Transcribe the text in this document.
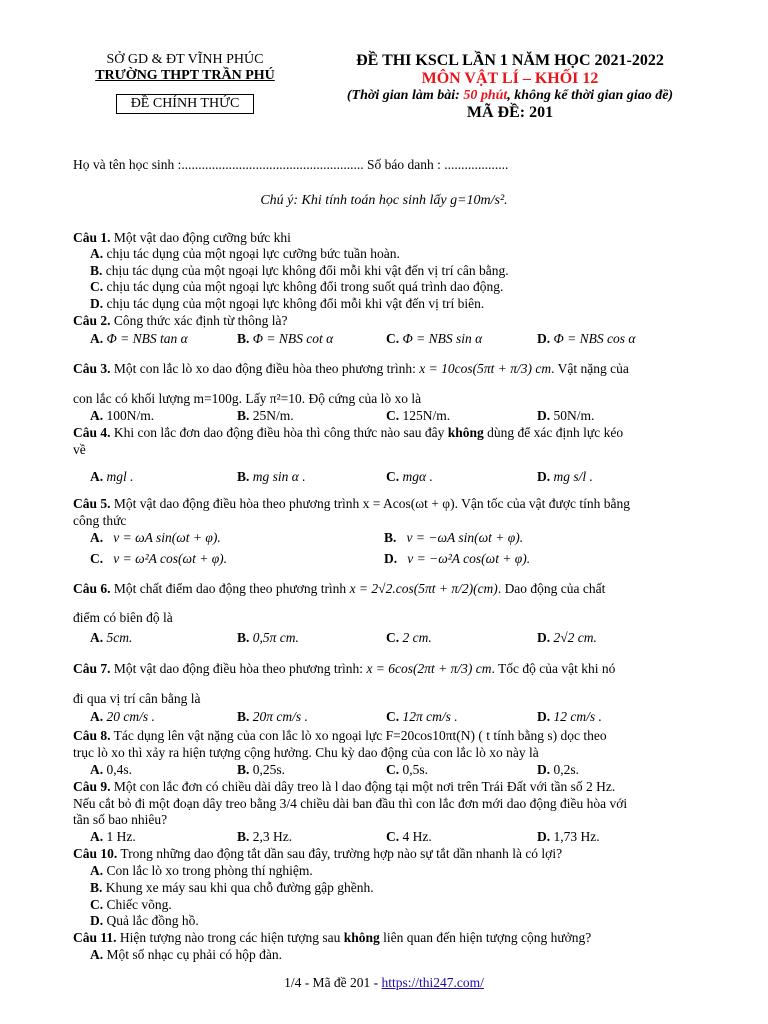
SỞ GD & ĐT VĨNH PHÚC
TRƯỜNG THPT TRẦN PHÚ
ĐỀ CHÍNH THỨC
ĐỀ THI KSCL LẦN 1 NĂM HỌC 2021-2022
MÔN VẬT LÍ – KHỐI 12
(Thời gian làm bài: 50 phút, không kể thời gian giao đề)
MÃ ĐỀ: 201
Họ và tên học sinh :...................................................... Số báo danh : ...................
Chú ý: Khi tính toán học sinh lấy g=10m/s².
Câu 1. Một vật dao động cưỡng bức khi
A. chịu tác dụng của một ngoại lực cưỡng bức tuần hoàn.
B. chịu tác dụng của một ngoại lực không đổi mỗi khi vật đến vị trí cân bằng.
C. chịu tác dụng của một ngoại lực không đổi trong suốt quá trình dao động.
D. chịu tác dụng của một ngoại lực không đổi mỗi khi vật đến vị trí biên.
Câu 2. Công thức xác định từ thông là?
A. Φ = NBS tan α	B. Φ = NBS cot α	C. Φ = NBS sin α	D. Φ = NBS cos α
Câu 3. Một con lắc lò xo dao động điều hòa theo phương trình: x = 10cos(5πt + π/3) cm. Vật nặng của
con lắc có khối lượng m=100g. Lấy π²=10. Độ cứng của lò xo là
A. 100N/m.	B. 25N/m.	C. 125N/m.	D. 50N/m.
Câu 4. Khi con lắc đơn dao động điều hòa thì công thức nào sau đây không dùng để xác định lực kéo
về
A. mgl .	B. mg sin α .	C. mgα .	D. mg s/l .
Câu 5. Một vật dao động điều hòa theo phương trình x = Acos(ωt + φ). Vận tốc của vật được tính bằng
công thức
A. v = ωA sin(ωt + φ).	B. v = −ωA sin(ωt + φ).
C. v = ω²A cos(ωt + φ).	D. v = −ω²A cos(ωt + φ).
Câu 6. Một chất điểm dao động theo phương trình x = 2√2.cos(5πt + π/2)(cm). Dao động của chất
điểm có biên độ là
A. 5cm.	B. 0,5π cm.	C. 2 cm.	D. 2√2 cm.
Câu 7. Một vật dao động điều hòa theo phương trình: x = 6cos(2πt + π/3) cm. Tốc độ của vật khi nó
đi qua vị trí cân bằng là
A. 20 cm/s .	B. 20π cm/s .	C. 12π cm/s .	D. 12 cm/s .
Câu 8. Tác dụng lên vật nặng của con lắc lò xo ngoại lực F=20cos10πt(N) ( t tính bằng s) dọc theo
trục lò xo thì xảy ra hiện tượng cộng hưởng. Chu kỳ dao động của con lắc lò xo này là
A. 0,4s.	B. 0,25s.	C. 0,5s.	D. 0,2s.
Câu 9. Một con lắc đơn có chiều dài dây treo là l dao động tại một nơi trên Trái Đất với tần số 2 Hz.
Nếu cắt bỏ đi một đoạn dây treo bằng 3/4 chiều dài ban đầu thì con lắc đơn mới dao động điều hòa với
tần số bao nhiêu?
A. 1 Hz.	B. 2,3 Hz.	C. 4 Hz.	D. 1,73 Hz.
Câu 10. Trong những dao động tắt dần sau đây, trường hợp nào sự tắt dần nhanh là có lợi?
A. Con lắc lò xo trong phòng thí nghiệm.
B. Khung xe máy sau khi qua chỗ đường gập ghềnh.
C. Chiếc võng.
D. Quả lắc đồng hồ.
Câu 11. Hiện tượng nào trong các hiện tượng sau không liên quan đến hiện tượng cộng hưởng?
A. Một số nhạc cụ phải có hộp đàn.
1/4 - Mã đề 201 - https://thi247.com/
